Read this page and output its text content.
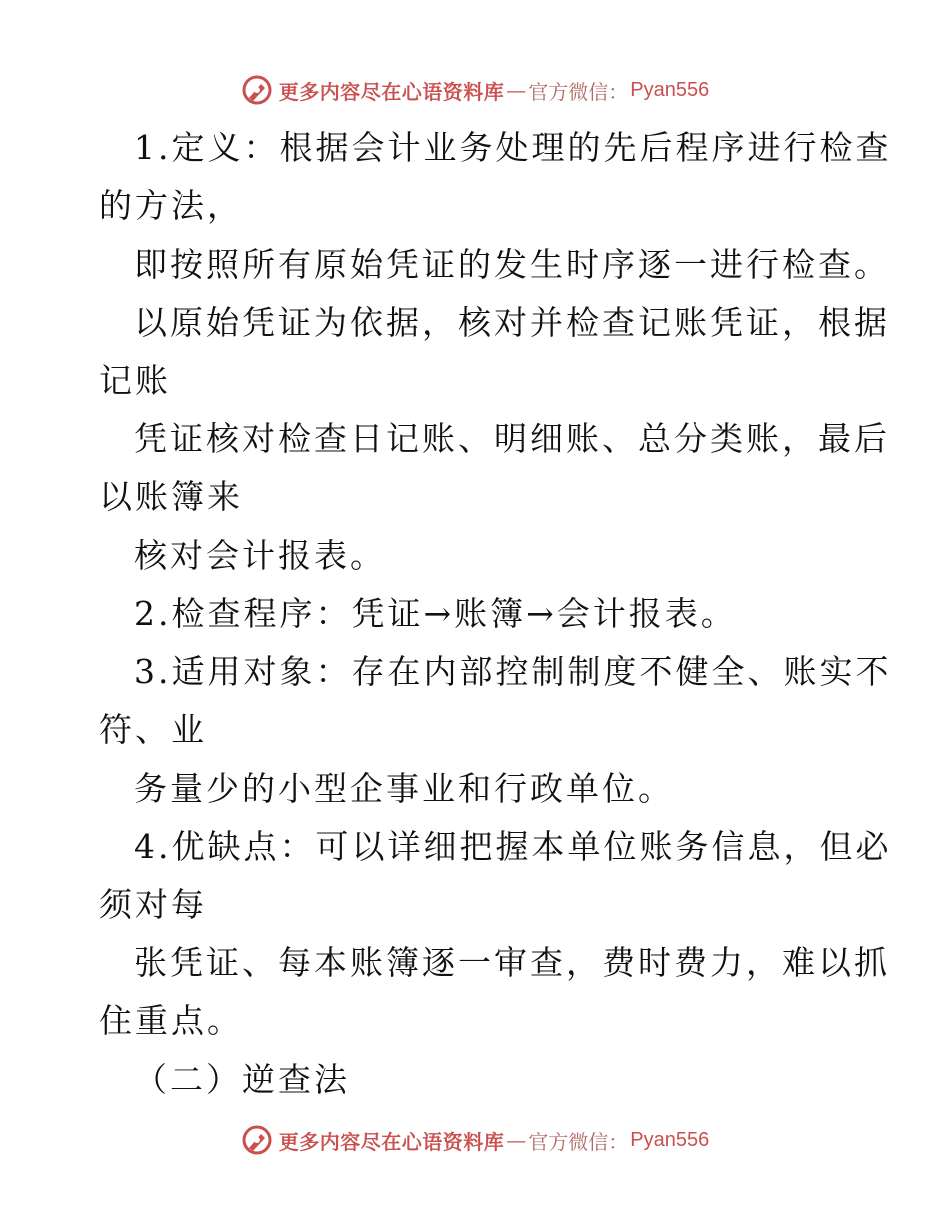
更多内容尽在心语资料库 — 官方微信： Pyan556
1.定义：根据会计业务处理的先后程序进行检查
的方法，
即按照所有原始凭证的发生时序逐一进行检查。
以原始凭证为依据，核对并检查记账凭证，根据
记账
凭证核对检查日记账、明细账、总分类账，最后
以账簿来
核对会计报表。
2.检查程序：凭证→账簿→会计报表。
3.适用对象：存在内部控制制度不健全、账实不
符、业
务量少的小型企事业和行政单位。
4.优缺点：可以详细把握本单位账务信息，但必
须对每
张凭证、每本账簿逐一审查，费时费力，难以抓
住重点。
（二）逆查法
更多内容尽在心语资料库 — 官方微信： Pyan556
